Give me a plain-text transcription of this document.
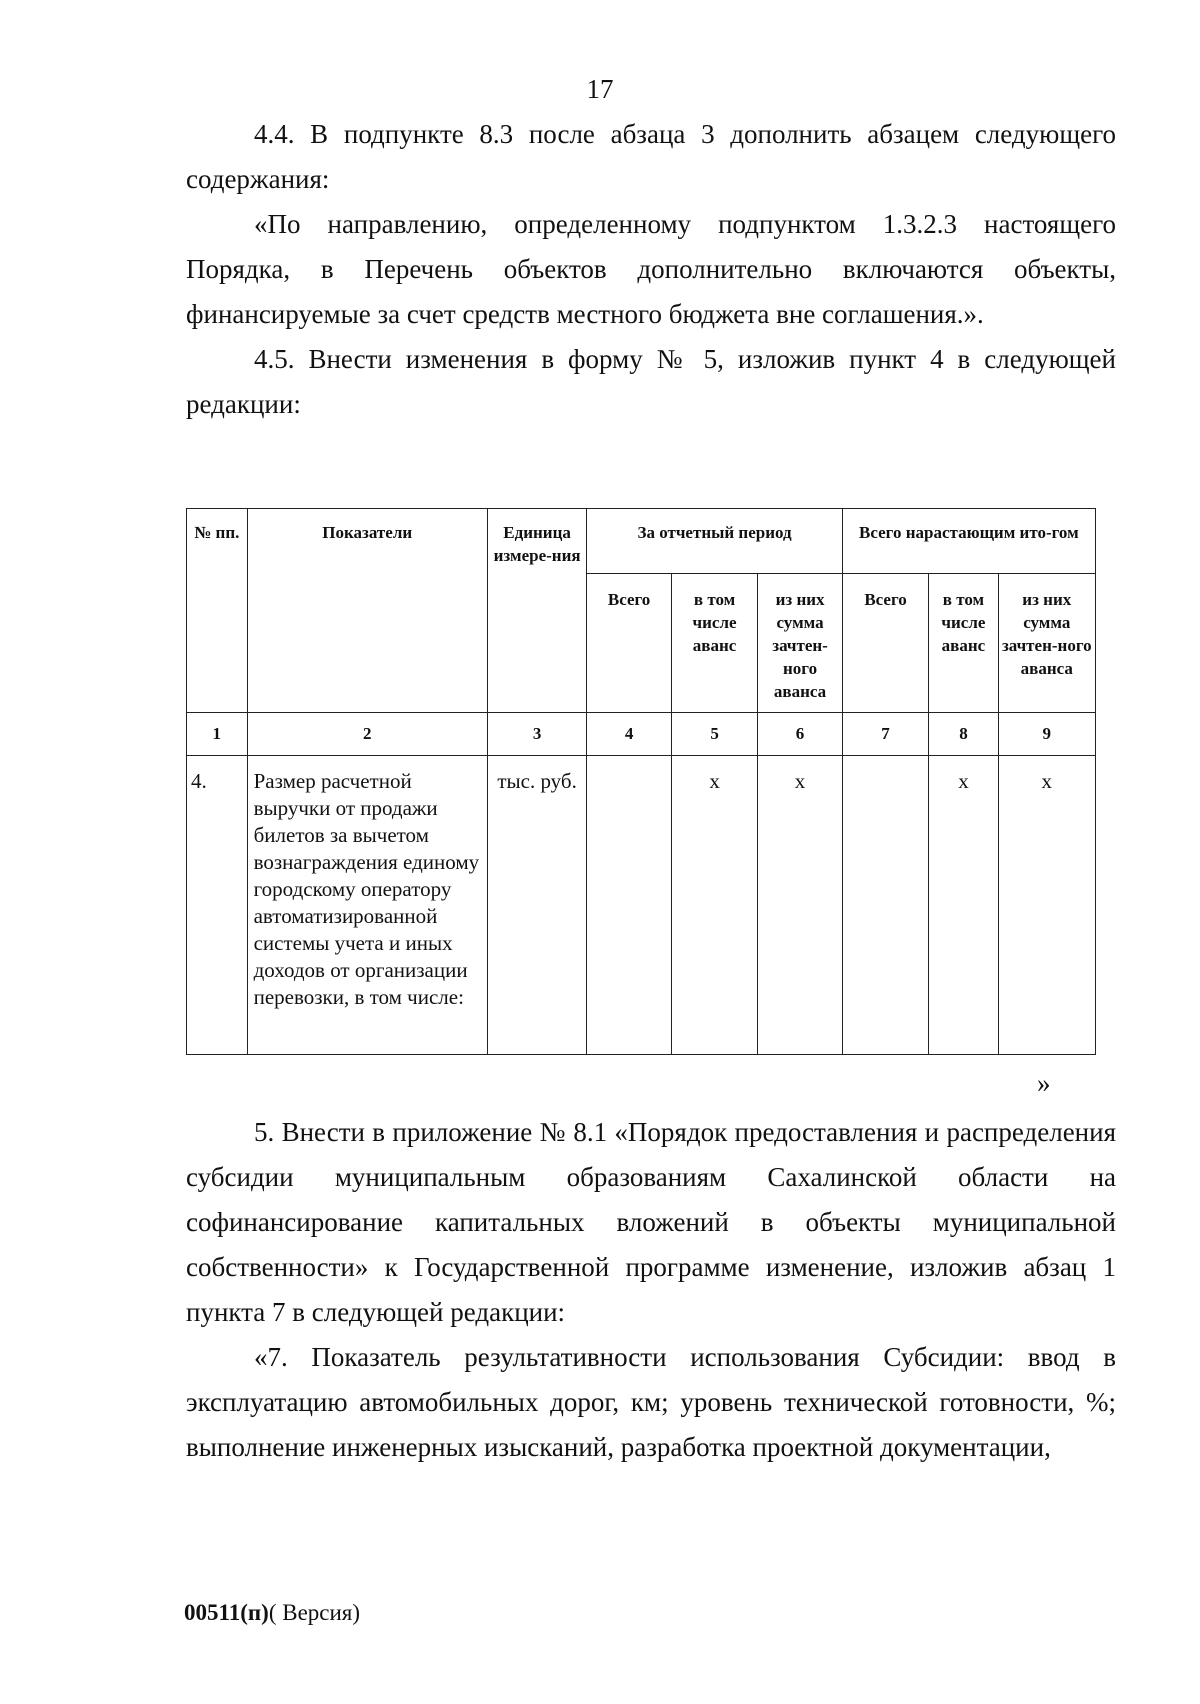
17

4.4. В подпункте 8.3 после абзаца 3 дополнить абзацем следующего содержания:

«По направлению, определенному подпунктом 1.3.2.3 настоящего Порядка, в Перечень объектов дополнительно включаются объекты, финансируемые за счет средств местного бюджета вне соглашения.».

4.5. Внести изменения в форму № 5, изложив пункт 4 в следующей редакции:

№ пп.	Показатели	Единица измере-ния	За отчетный период			Всего нарастающим ито-гом		
			Всего	в том числе аванс	из них сумма зачтен-ного аванса	Всего	в том числе аванс	из них сумма зачтен-ного аванса
1	2	3	4	5	6	7	8	9
4.	Размер расчетной выручки от продажи билетов за вычетом вознаграждения единому городскому оператору автоматизированной системы учета и иных доходов от организации перевозки, в том числе:	тыс. руб.		х	х		х	х
»

5. Внести в приложение № 8.1 «Порядок предоставления и распределения субсидии муниципальным образованиям Сахалинской области на софинансирование капитальных вложений в объекты муниципальной собственности» к Государственной программе изменение, изложив абзац 1 пункта 7 в следующей редакции:

«7. Показатель результативности использования Субсидии: ввод в эксплуатацию автомобильных дорог, км; уровень технической готовности, %; выполнение инженерных изысканий, разработка проектной документации,

00511(п)( Версия)
